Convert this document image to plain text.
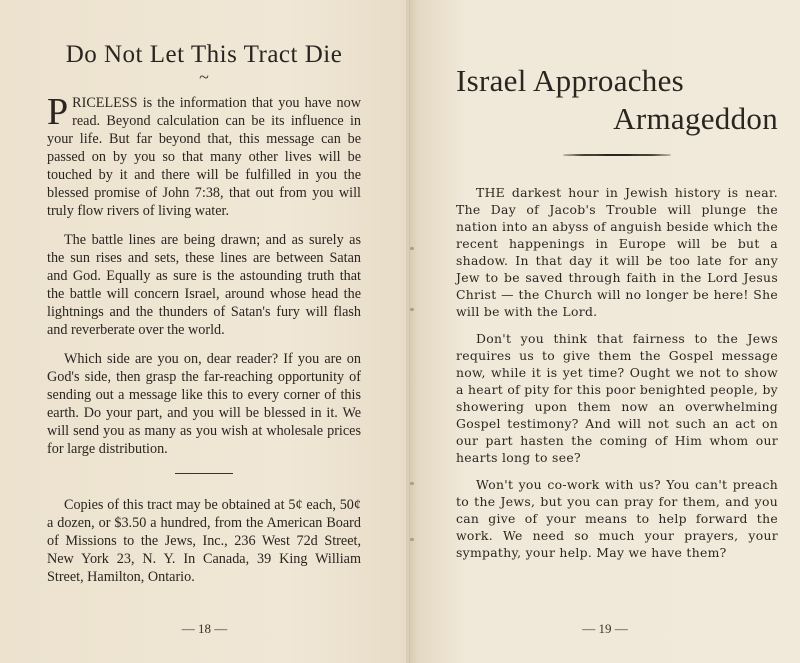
Do Not Let This Tract Die
~

PRICELESS is the information that you have now read. Beyond calculation can be its influence in your life. But far beyond that, this message can be passed on by you so that many other lives will be touched by it and there will be fulfilled in you the blessed promise of John 7:38, that out from you will truly flow rivers of living water.

The battle lines are being drawn; and as surely as the sun rises and sets, these lines are between Satan and God. Equally as sure is the astounding truth that the battle will concern Israel, around whose head the lightnings and the thunders of Satan's fury will flash and reverberate over the world.

Which side are you on, dear reader? If you are on God's side, then grasp the far-reaching opportunity of sending out a message like this to every corner of this earth. Do your part, and you will be blessed in it. We will send you as many as you wish at wholesale prices for large distribution.

Copies of this tract may be obtained at 5¢ each, 50¢ a dozen, or $3.50 a hundred, from the American Board of Missions to the Jews, Inc., 236 West 72d Street, New York 23, N. Y. In Canada, 39 King William Street, Hamilton, Ontario.

— 18 —
Israel Approaches
Armageddon

THE darkest hour in Jewish history is near. The Day of Jacob's Trouble will plunge the nation into an abyss of anguish beside which the recent happenings in Europe will be but a shadow. In that day it will be too late for any Jew to be saved through faith in the Lord Jesus Christ — the Church will no longer be here! She will be with the Lord.

Don't you think that fairness to the Jews requires us to give them the Gospel message now, while it is yet time? Ought we not to show a heart of pity for this poor benighted people, by showering upon them now an overwhelming Gospel testimony? And will not such an act on our part hasten the coming of Him whom our hearts long to see?

Won't you co-work with us? You can't preach to the Jews, but you can pray for them, and you can give of your means to help forward the work. We need so much your prayers, your sympathy, your help. May we have them?

— 19 —
